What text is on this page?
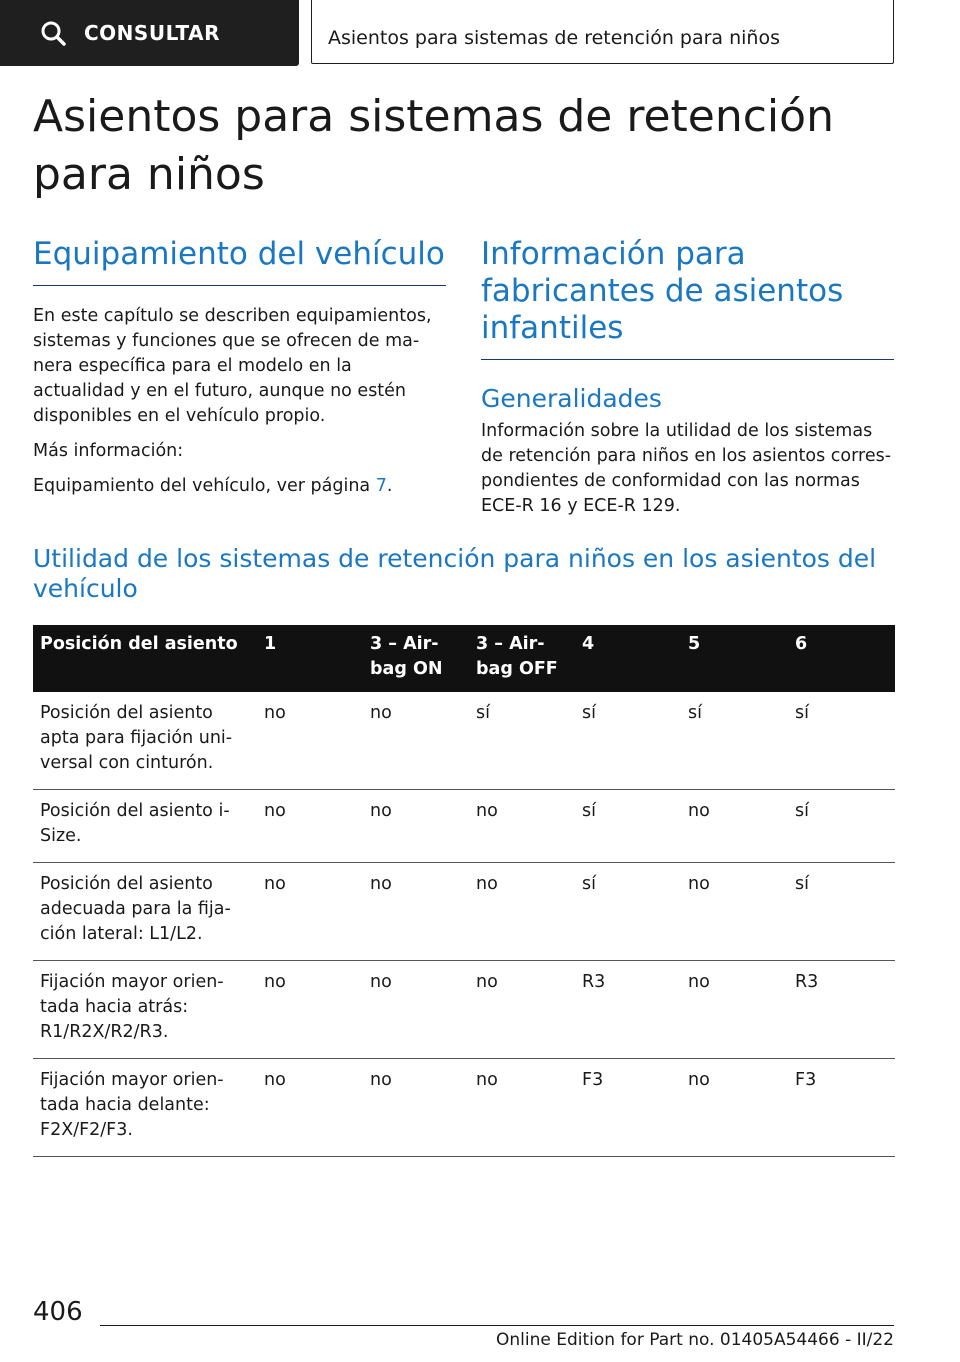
CONSULTAR	Asientos para sistemas de retención para niños
Asientos para sistemas de retención para niños
Equipamiento del vehículo

En este capítulo se describen equipamientos, sistemas y funciones que se ofrecen de ma-nera específica para el modelo en la actualidad y en el futuro, aunque no estén disponibles en el vehículo propio.

Más información:

Equipamiento del vehículo, ver página 7.

Información para fabricantes de asientos infantiles
Generalidades

Información sobre la utilidad de los sistemas de retención para niños en los asientos corres-pondientes de conformidad con las normas ECE-R 16 y ECE-R 129.

Utilidad de los sistemas de retención para niños en los asientos del vehículo
Posición del asiento	1	3 – Air-bag ON	3 – Air-bag OFF	4	5	6
Posición del asiento apta para fijación uni-versal con cinturón.	no	no	sí	sí	sí	sí
Posición del asiento i-Size.	no	no	no	sí	no	sí
Posición del asiento adecuada para la fija-ción lateral: L1/L2.	no	no	no	sí	no	sí
Fijación mayor orien-tada hacia atrás: R1/R2X/R2/R3.	no	no	no	R3	no	R3
Fijación mayor orien-tada hacia delante: F2X/F2/F3.	no	no	no	F3	no	F3
406
Online Edition for Part no. 01405A54466 - II/22
